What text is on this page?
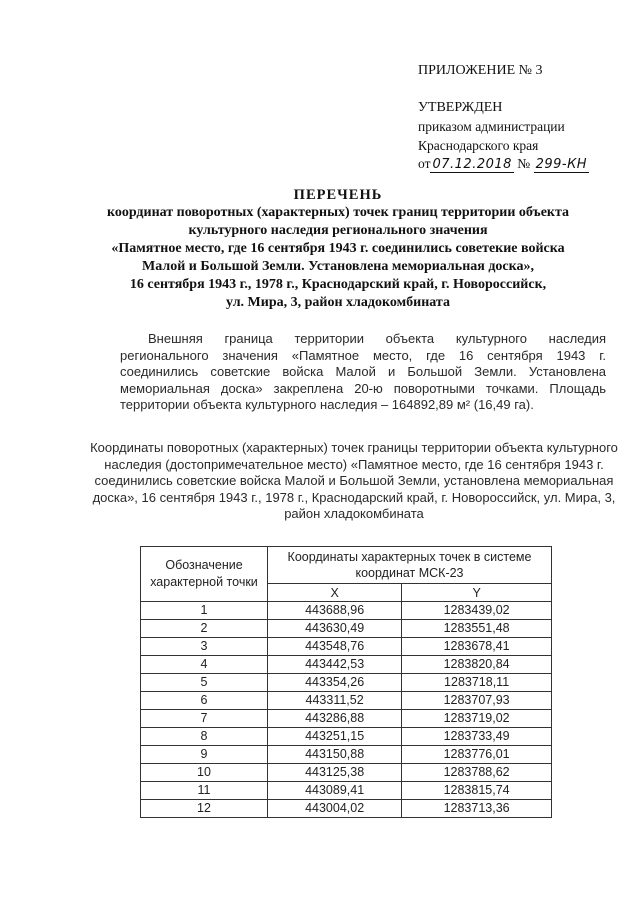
ПРИЛОЖЕНИЕ № 3
УТВЕРЖДЕН
приказом администрации
Краснодарского края
от 07.12.2018 № 299-КН
ПЕРЕЧЕНЬ
координат поворотных (характерных) точек границ территории объекта
культурного наследия регионального значения
«Памятное место, где 16 сентября 1943 г. соединились советекие войска
Малой и Большой Земли. Установлена мемориальная доска»,
16 сентября 1943 г., 1978 г., Краснодарский край, г. Новороссийск,
ул. Мира, 3, район хладокомбината

Внешняя граница территории объекта культурного наследия регионального значения «Памятное место, где 16 сентября 1943 г. соединились советские войска Малой и Большой Земли. Установлена мемориальная доска» закреплена 20-ю поворотными точками. Площадь территории объекта культурного наследия – 164892,89 м² (16,49 га).

Координаты поворотных (характерных) точек границы территории объекта культурного наследия (достопримечательное место) «Памятное место, где 16 сентября 1943 г. соединились советские войска Малой и Большой Земли, установлена мемориальная доска», 16 сентября 1943 г., 1978 г., Краснодарский край, г. Новороссийск, ул. Мира, 3, район хладокомбината

Обозначение характерной точки	Координаты характерных точек в системе координат МСК-23	
	X	Y
1	443688,96	1283439,02
2	443630,49	1283551,48
3	443548,76	1283678,41
4	443442,53	1283820,84
5	443354,26	1283718,11
6	443311,52	1283707,93
7	443286,88	1283719,02
8	443251,15	1283733,49
9	443150,88	1283776,01
10	443125,38	1283788,62
11	443089,41	1283815,74
12	443004,02	1283713,36
